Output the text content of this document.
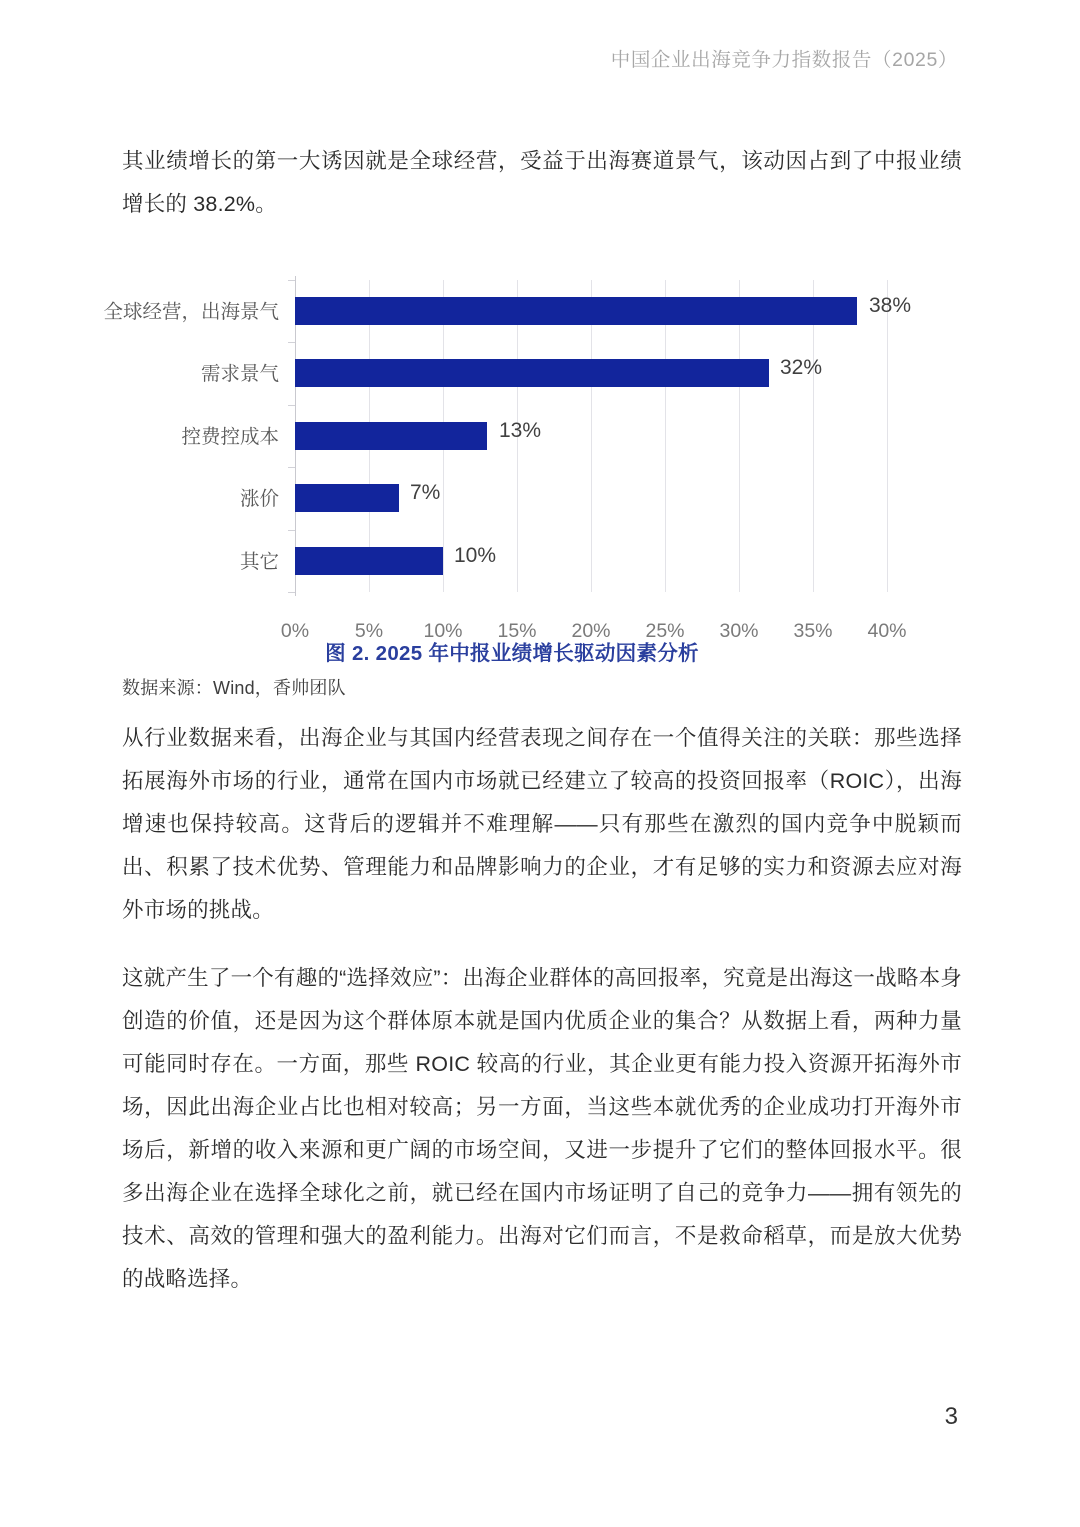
中国企业出海竞争力指数报告（2025）

其业绩增长的第一大诱因就是全球经营，受益于出海赛道景气，该动因占到了中报业绩增长的 38.2%。

全球经营，出海景气	38%
需求景气	32%
控费控成本	13%
涨价	7%
其它	10%
0% 5% 10% 15% 20% 25% 30% 35% 40%
图 2. 2025 年中报业绩增长驱动因素分析
数据来源：Wind，香帅团队

从行业数据来看，出海企业与其国内经营表现之间存在一个值得关注的关联：那些选择拓展海外市场的行业，通常在国内市场就已经建立了较高的投资回报率（ROIC），出海增速也保持较高。这背后的逻辑并不难理解——只有那些在激烈的国内竞争中脱颖而出、积累了技术优势、管理能力和品牌影响力的企业，才有足够的实力和资源去应对海外市场的挑战。

这就产生了一个有趣的“选择效应”：出海企业群体的高回报率，究竟是出海这一战略本身创造的价值，还是因为这个群体原本就是国内优质企业的集合？从数据上看，两种力量可能同时存在。一方面，那些 ROIC 较高的行业，其企业更有能力投入资源开拓海外市场，因此出海企业占比也相对较高；另一方面，当这些本就优秀的企业成功打开海外市场后，新增的收入来源和更广阔的市场空间，又进一步提升了它们的整体回报水平。很多出海企业在选择全球化之前，就已经在国内市场证明了自己的竞争力——拥有领先的技术、高效的管理和强大的盈利能力。出海对它们而言，不是救命稻草，而是放大优势的战略选择。

3
